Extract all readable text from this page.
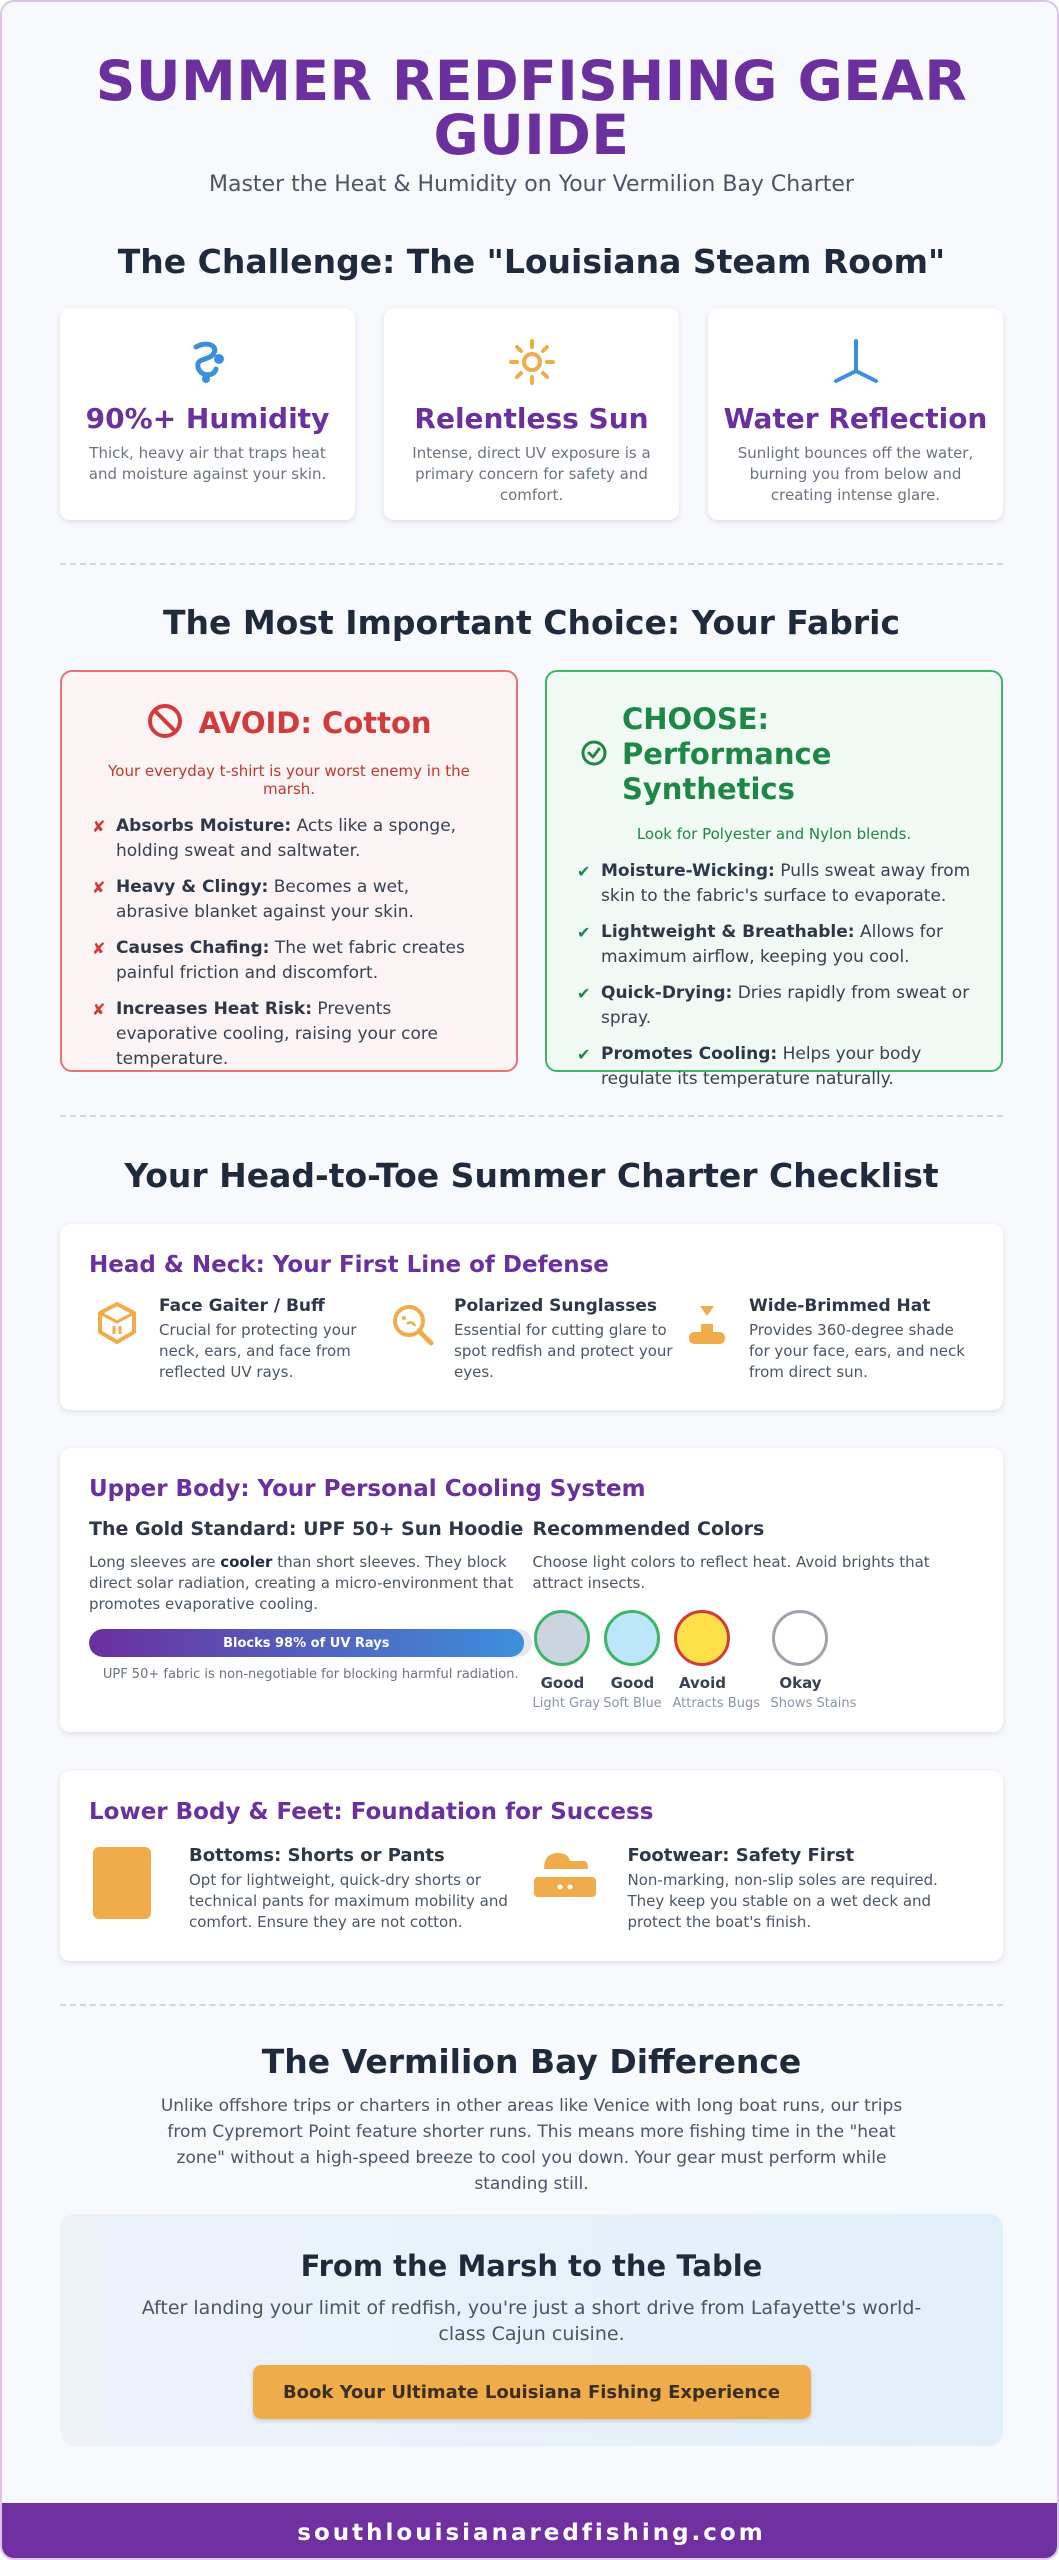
SUMMER REDFISHING GEAR GUIDE

Master the Heat & Humidity on Your Vermilion Bay Charter

The Challenge: The "Louisiana Steam Room"
90%+ Humidity
Thick, heavy air that traps heat and moisture against your skin.
Relentless Sun
Intense, direct UV exposure is a primary concern for safety and comfort.
Water Reflection
Sunlight bounces off the water, burning you from below and creating intense glare.
The Most Important Choice: Your Fabric
AVOID: Cotton
Your everyday t-shirt is your worst enemy in the marsh.
✘ Absorbs Moisture: Acts like a sponge, holding sweat and saltwater.
✘ Heavy & Clingy: Becomes a wet, abrasive blanket against your skin.
✘ Causes Chafing: The wet fabric creates painful friction and discomfort.
✘ Increases Heat Risk: Prevents evaporative cooling, raising your core temperature.
CHOOSE: Performance Synthetics
Look for Polyester and Nylon blends.
✔ Moisture-Wicking: Pulls sweat away from skin to the fabric's surface to evaporate.
✔ Lightweight & Breathable: Allows for maximum airflow, keeping you cool.
✔ Quick-Drying: Dries rapidly from sweat or spray.
✔ Promotes Cooling: Helps your body regulate its temperature naturally.
Your Head-to-Toe Summer Charter Checklist
Head & Neck: Your First Line of Defense
Face Gaiter / Buff
Crucial for protecting your neck, ears, and face from reflected UV rays.
Polarized Sunglasses
Essential for cutting glare to spot redfish and protect your eyes.
Wide-Brimmed Hat
Provides 360-degree shade for your face, ears, and neck from direct sun.
Upper Body: Your Personal Cooling System
The Gold Standard: UPF 50+ Sun Hoodie
Long sleeves are cooler than short sleeves. They block direct solar radiation, creating a micro-environment that promotes evaporative cooling.
Blocks 98% of UV Rays
UPF 50+ fabric is non-negotiable for blocking harmful radiation.
Recommended Colors
Choose light colors to reflect heat. Avoid brights that attract insects.
Good
Light Gray
Good
Soft Blue
Avoid
Attracts Bugs
Okay
Shows Stains
Lower Body & Feet: Foundation for Success
Bottoms: Shorts or Pants
Opt for lightweight, quick-dry shorts or technical pants for maximum mobility and comfort. Ensure they are not cotton.
Footwear: Safety First
Non-marking, non-slip soles are required. They keep you stable on a wet deck and protect the boat's finish.
The Vermilion Bay Difference

Unlike offshore trips or charters in other areas like Venice with long boat runs, our trips from Cypremort Point feature shorter runs. This means more fishing time in the "heat zone" without a high-speed breeze to cool you down. Your gear must perform while standing still.

From the Marsh to the Table
After landing your limit of redfish, you're just a short drive from Lafayette's world-class Cajun cuisine.
Book Your Ultimate Louisiana Fishing Experience
southlouisianaredfishing.com
